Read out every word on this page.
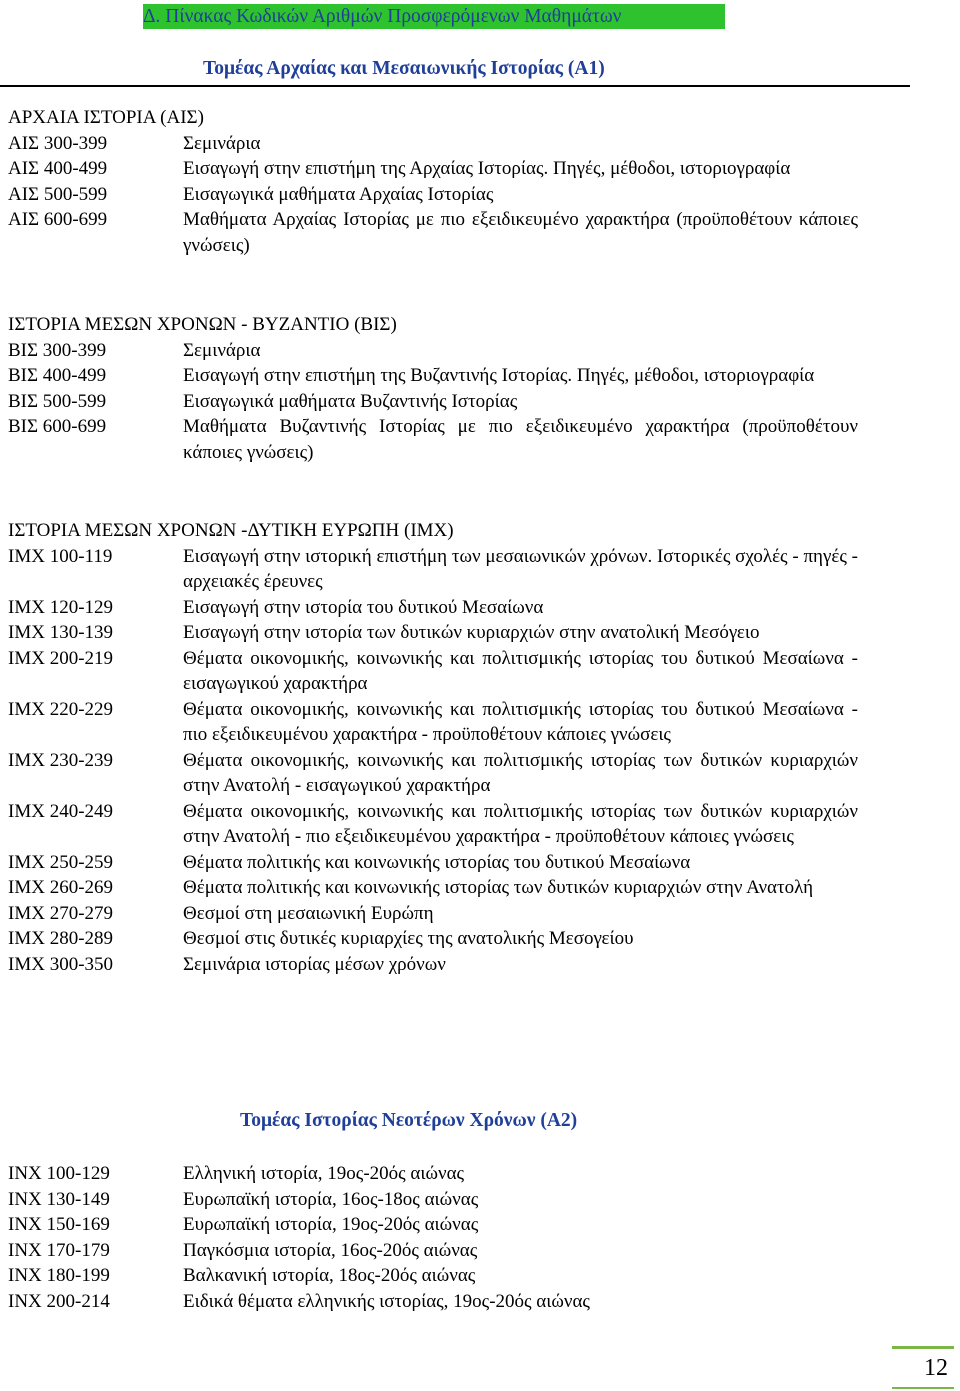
Δ. Πίνακας Κωδικών Αριθμών Προσφερόμενων Μαθημάτων
Τομέας Αρχαίας και Μεσαιωνικής Ιστορίας (Α1)
ΑΡΧΑΙΑ ΙΣΤΟΡΙΑ (ΑΙΣ)
ΑΙΣ 300-399	Σεμινάρια
ΑΙΣ 400-499	Εισαγωγή στην επιστήμη της Αρχαίας Ιστορίας. Πηγές, μέθοδοι, ιστοριογραφία
ΑΙΣ 500-599	Εισαγωγικά μαθήματα Αρχαίας Ιστορίας
ΑΙΣ 600-699	Μαθήματα Αρχαίας Ιστορίας με πιο εξειδικευμένο χαρακτήρα (προϋποθέτουν κάποιες γνώσεις)
ΙΣΤΟΡΙΑ ΜΕΣΩΝ ΧΡΟΝΩΝ - ΒΥΖΑΝΤΙΟ (ΒΙΣ)
ΒΙΣ 300-399	Σεμινάρια
ΒΙΣ 400-499	Εισαγωγή στην επιστήμη της Βυζαντινής Ιστορίας. Πηγές, μέθοδοι, ιστοριογραφία
ΒΙΣ 500-599	Εισαγωγικά μαθήματα Βυζαντινής Ιστορίας
ΒΙΣ 600-699	Μαθήματα Βυζαντινής Ιστορίας με πιο εξειδικευμένο χαρακτήρα (προϋποθέτουν κάποιες γνώσεις)
ΙΣΤΟΡΙΑ ΜΕΣΩΝ ΧΡΟΝΩΝ -ΔΥΤΙΚΗ ΕΥΡΩΠΗ (ΙΜΧ)
ΙΜΧ 100-119	Εισαγωγή στην ιστορική επιστήμη των μεσαιωνικών χρόνων. Ιστορικές σχολές - πηγές - αρχειακές έρευνες
ΙΜΧ 120-129	Εισαγωγή στην ιστορία του δυτικού Μεσαίωνα
ΙΜΧ 130-139	Εισαγωγή στην ιστορία των δυτικών κυριαρχιών στην ανατολική Μεσόγειο
ΙΜΧ 200-219	Θέματα οικονομικής, κοινωνικής και πολιτισμικής ιστορίας του δυτικού Μεσαίωνα - εισαγωγικού χαρακτήρα
ΙΜΧ 220-229	Θέματα οικονομικής, κοινωνικής και πολιτισμικής ιστορίας του δυτικού Μεσαίωνα - πιο εξειδικευμένου χαρακτήρα - προϋποθέτουν κάποιες γνώσεις
ΙΜΧ 230-239	Θέματα οικονομικής, κοινωνικής και πολιτισμικής ιστορίας των δυτικών κυριαρχιών στην Ανατολή - εισαγωγικού χαρακτήρα
ΙΜΧ 240-249	Θέματα οικονομικής, κοινωνικής και πολιτισμικής ιστορίας των δυτικών κυριαρχιών στην Ανατολή - πιο εξειδικευμένου χαρακτήρα - προϋποθέτουν κάποιες γνώσεις
ΙΜΧ 250-259	Θέματα πολιτικής και κοινωνικής ιστορίας του δυτικού Μεσαίωνα
ΙΜΧ 260-269	Θέματα πολιτικής και κοινωνικής ιστορίας των δυτικών κυριαρχιών στην Ανατολή
ΙΜΧ 270-279	Θεσμοί στη μεσαιωνική Ευρώπη
ΙΜΧ 280-289	Θεσμοί στις δυτικές κυριαρχίες της ανατολικής Μεσογείου
ΙΜΧ 300-350	Σεμινάρια ιστορίας μέσων χρόνων
Τομέας Ιστορίας Νεοτέρων Χρόνων (Α2)
ΙΝΧ 100-129	Ελληνική ιστορία, 19ος-20ός αιώνας
ΙΝΧ 130-149	Ευρωπαϊκή ιστορία, 16ος-18ος αιώνας
ΙΝΧ 150-169	Ευρωπαϊκή ιστορία, 19ος-20ός αιώνας
ΙΝΧ 170-179	Παγκόσμια ιστορία, 16ος-20ός αιώνας
ΙΝΧ 180-199	Βαλκανική ιστορία, 18ος-20ός αιώνας
ΙΝΧ 200-214	Ειδικά θέματα ελληνικής ιστορίας, 19ος-20ός αιώνας
12
